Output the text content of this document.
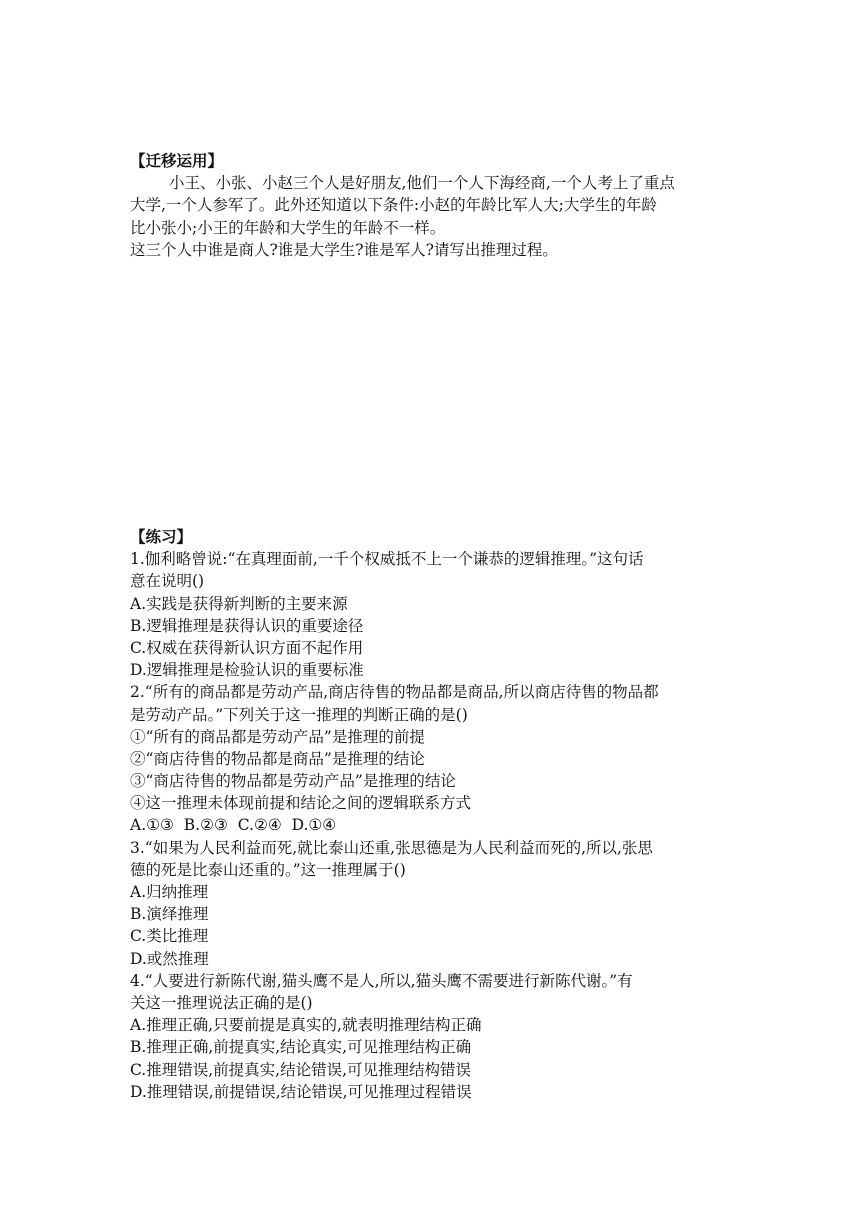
【迁移运用】
小王、小张、小赵三个人是好朋友,他们一个人下海经商,一个人考上了重点
大学,一个人参军了。此外还知道以下条件:小赵的年龄比军人大;大学生的年龄
比小张小;小王的年龄和大学生的年龄不一样。
这三个人中谁是商人?谁是大学生?谁是军人?请写出推理过程。
【练习】
1.伽利略曾说:“在真理面前,一千个权威抵不上一个谦恭的逻辑推理。”这句话
意在说明()
A.实践是获得新判断的主要来源
B.逻辑推理是获得认识的重要途径
C.权威在获得新认识方面不起作用
D.逻辑推理是检验认识的重要标准
2.“所有的商品都是劳动产品,商店待售的物品都是商品,所以商店待售的物品都
是劳动产品。”下列关于这一推理的判断正确的是()
①“所有的商品都是劳动产品”是推理的前提
②“商店待售的物品都是商品”是推理的结论
③“商店待售的物品都是劳动产品”是推理的结论
④这一推理未体现前提和结论之间的逻辑联系方式
A.①③  B.②③  C.②④  D.①④
3.“如果为人民利益而死,就比泰山还重,张思德是为人民利益而死的,所以,张思
德的死是比泰山还重的。”这一推理属于()
A.归纳推理
B.演绎推理
C.类比推理
D.或然推理
4.“人要进行新陈代谢,猫头鹰不是人,所以,猫头鹰不需要进行新陈代谢。”有
关这一推理说法正确的是()
A.推理正确,只要前提是真实的,就表明推理结构正确
B.推理正确,前提真实,结论真实,可见推理结构正确
C.推理错误,前提真实,结论错误,可见推理结构错误
D.推理错误,前提错误,结论错误,可见推理过程错误
